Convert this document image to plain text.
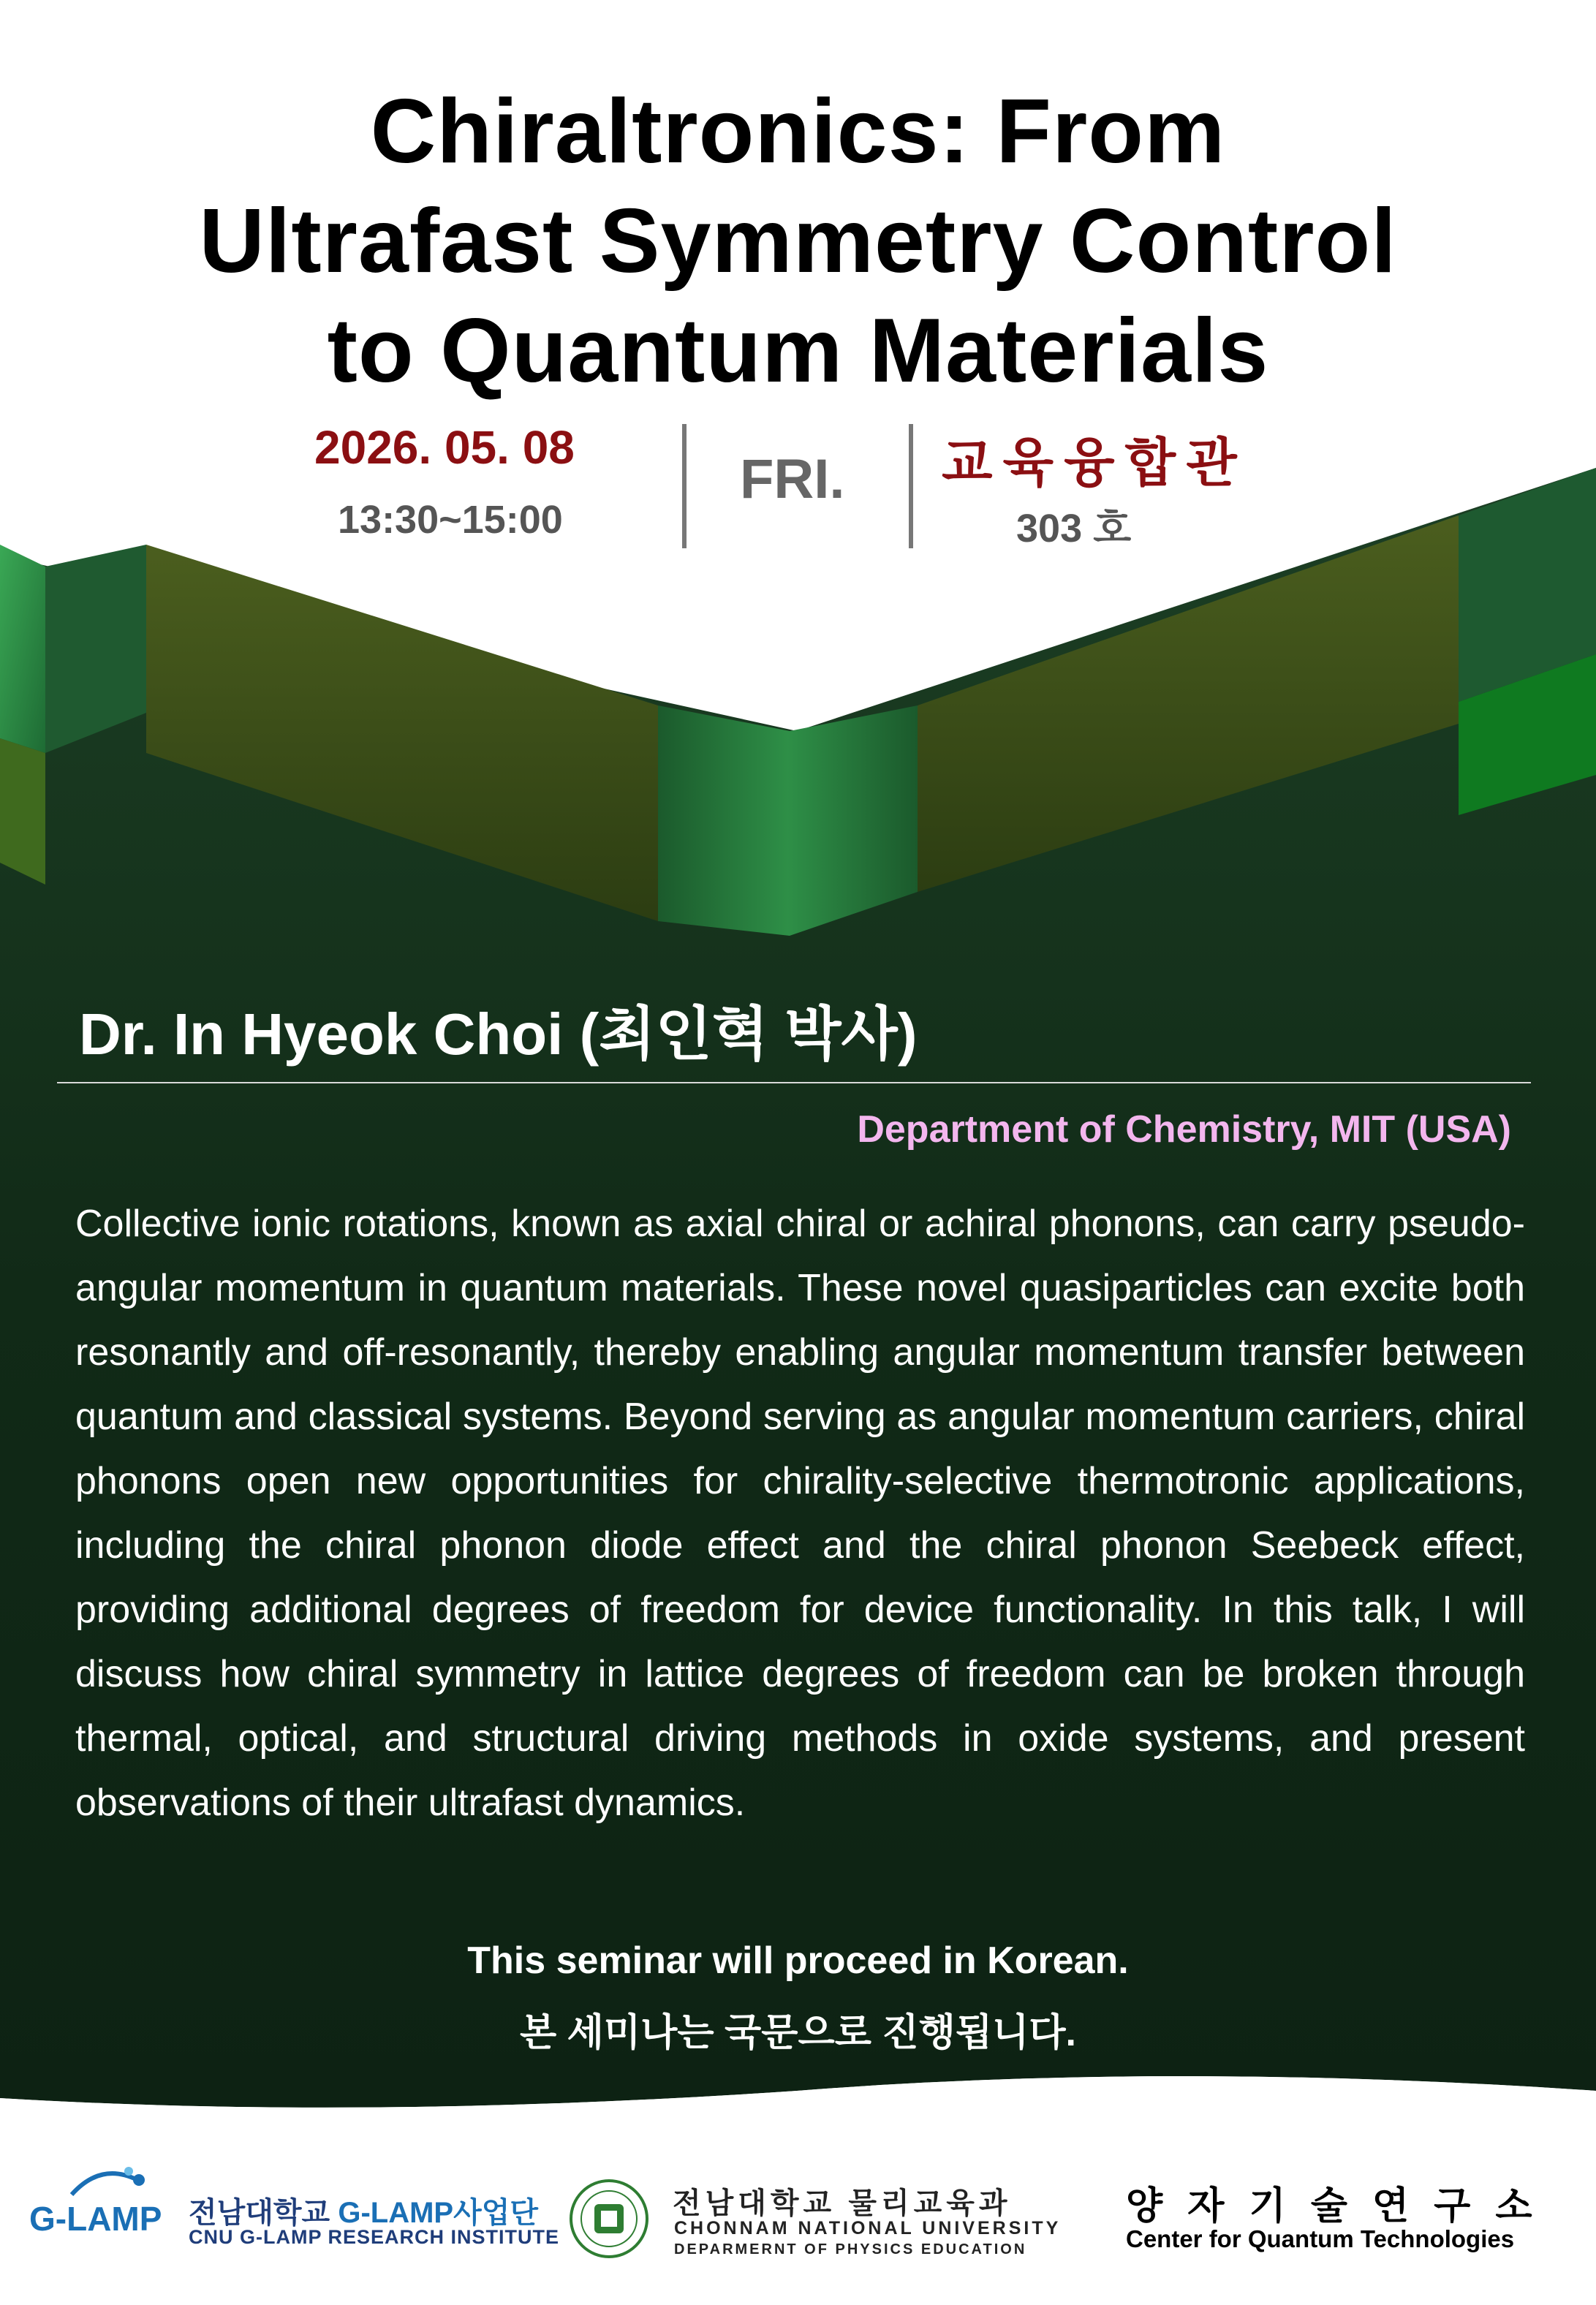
Chiraltronics: From
Ultrafast Symmetry Control
to Quantum Materials
2026. 05. 08
13:30~15:00
FRI. 교육융합관
303 호
Dr. In Hyeok Choi (최인혁 박사)
Department of Chemistry, MIT (USA)
Collective ionic rotations, known as axial chiral or achiral phonons, can carry pseudo-angular momentum in quantum materials. These novel quasiparticles can excite both resonantly and off-resonantly, thereby enabling angular momentum transfer between quantum and classical systems. Beyond serving as angular momentum carriers, chiral phonons open new opportunities for chirality-selective thermotronic applications, including the chiral phonon diode effect and the chiral phonon Seebeck effect, providing additional degrees of freedom for device functionality. In this talk, I will discuss how chiral symmetry in lattice degrees of freedom can be broken through thermal, optical, and structural driving methods in oxide systems, and present observations of their ultrafast dynamics.
This seminar will proceed in Korean.
본 세미나는 국문으로 진행됩니다.
G-LAMP 전남대학교 G-LAMP사업단
CNU G-LAMP RESEARCH INSTITUTE
전남대학교 물리교육과
CHONNAM NATIONAL UNIVERSITY
DEPARMERNT OF PHYSICS EDUCATION
양자기술연구소
Center for Quantum Technologies
